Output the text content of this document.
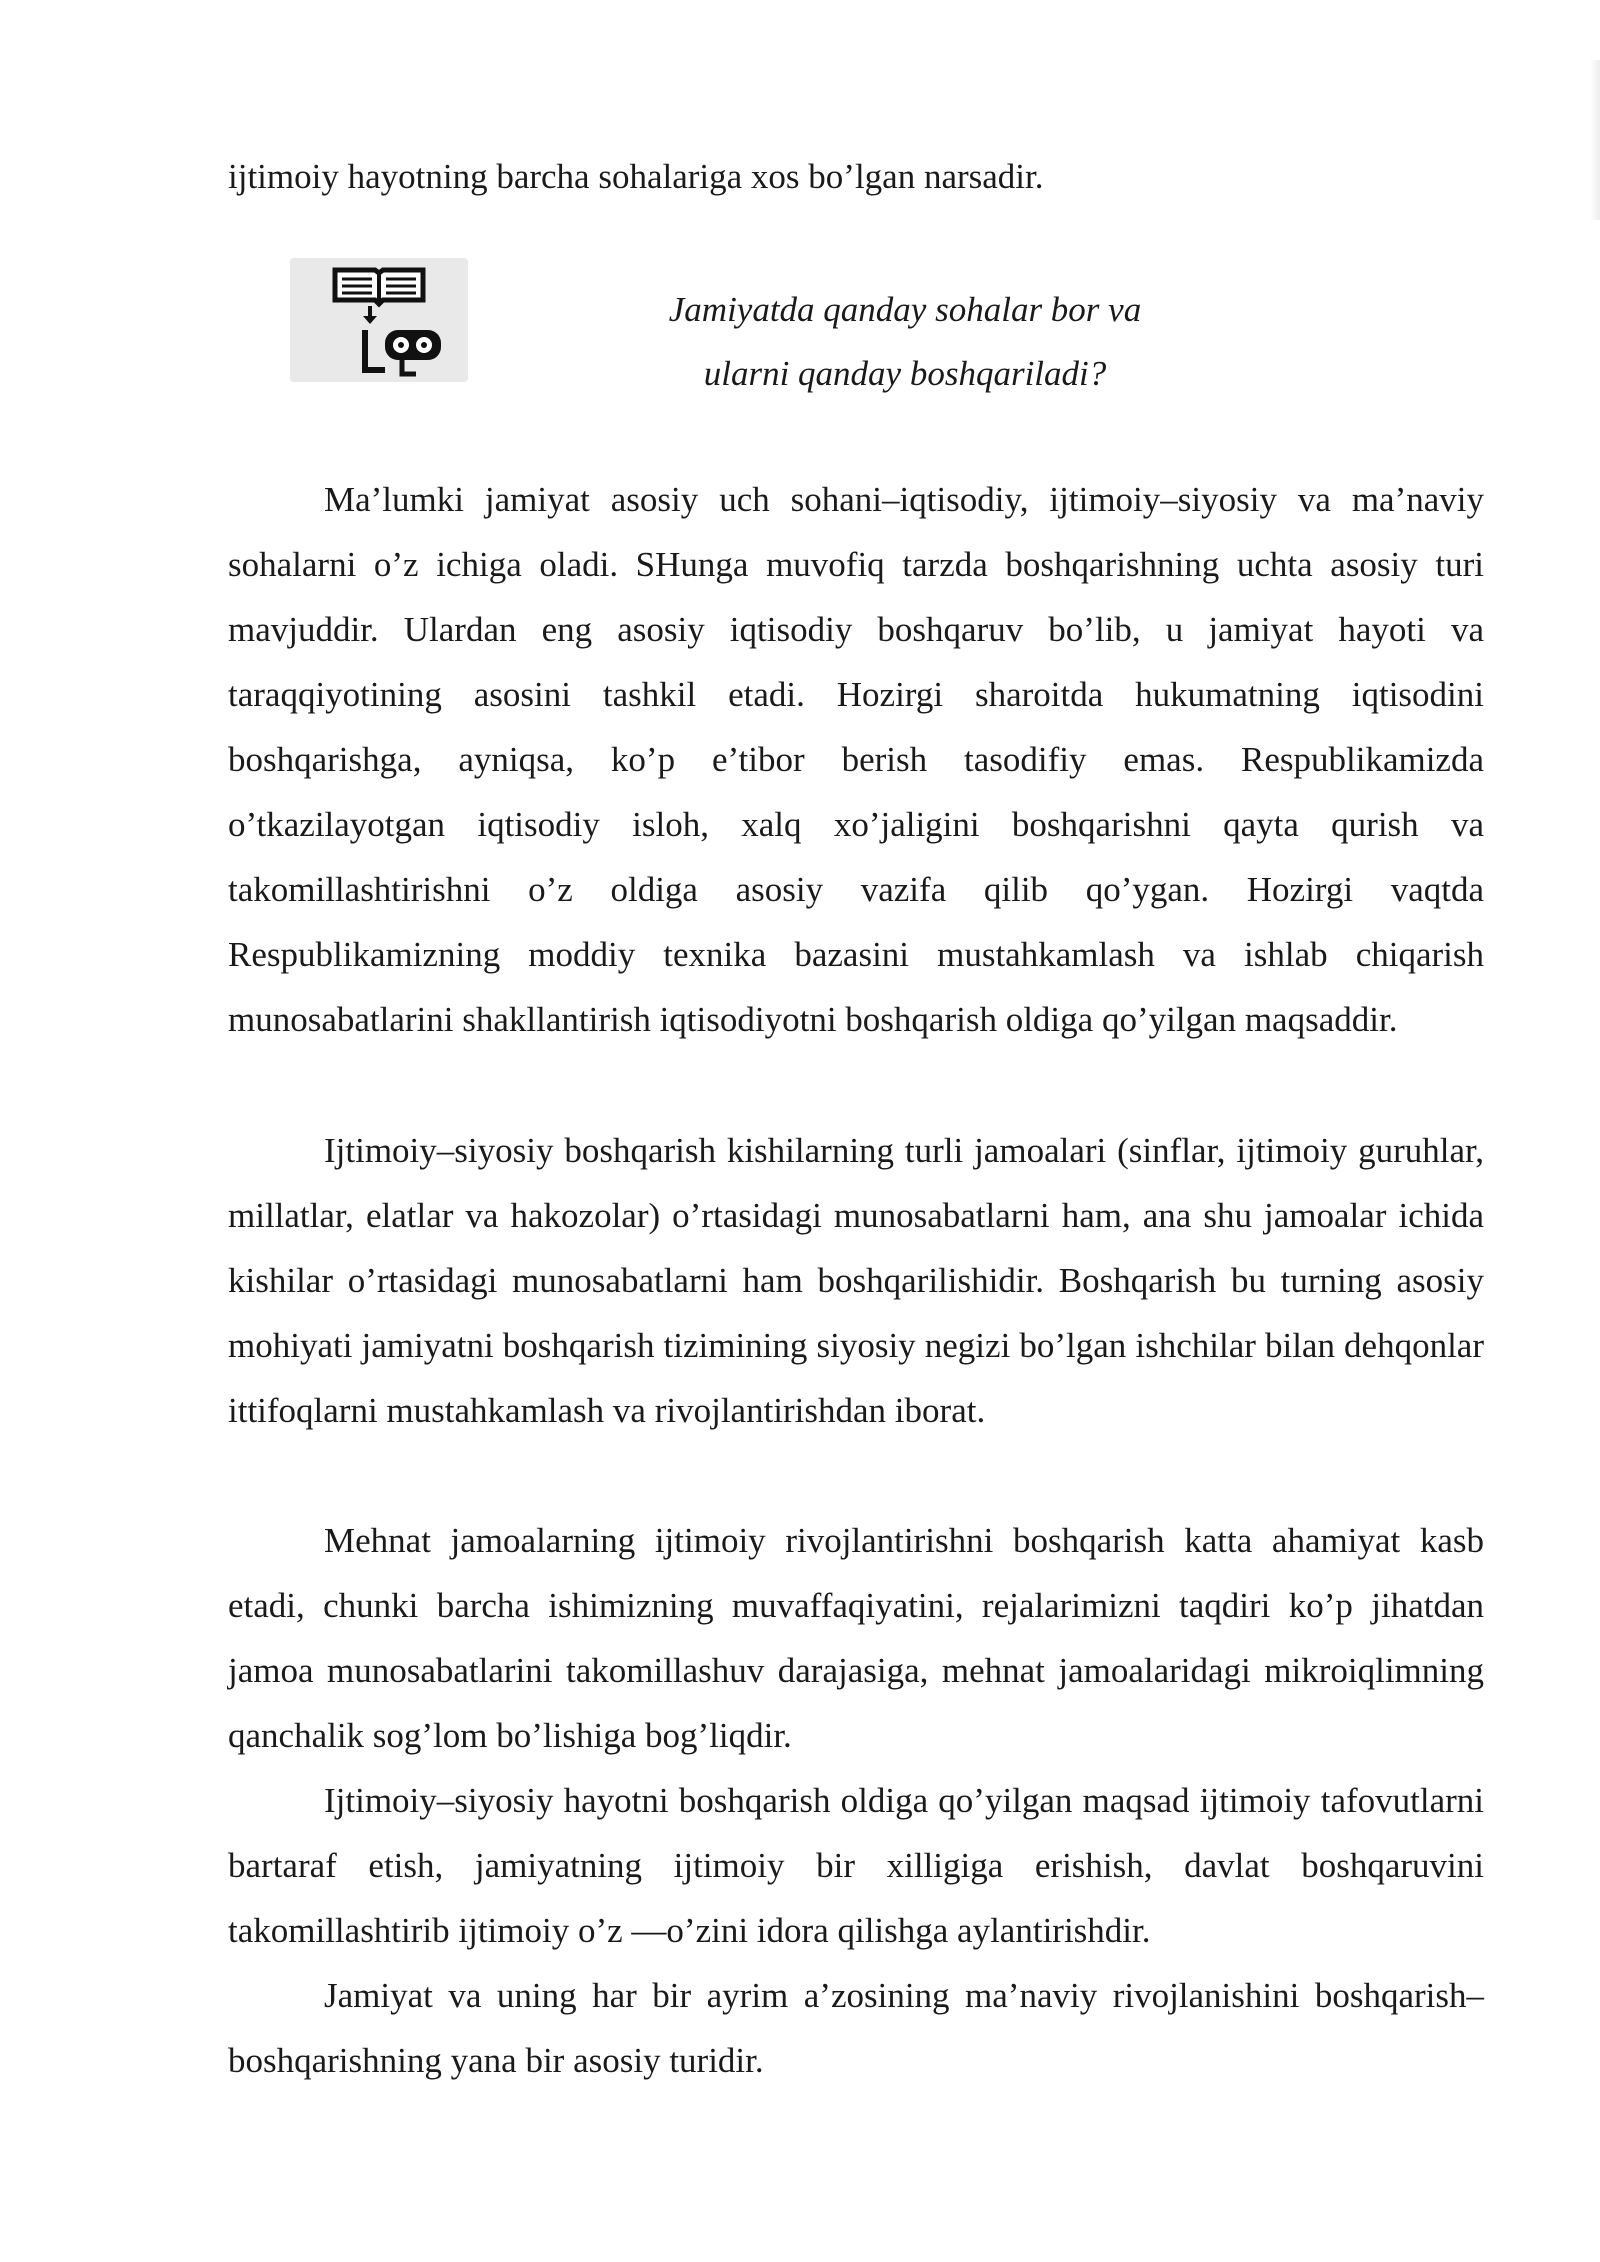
ijtimoiy hayotning barcha sohalariga xos bo’lgan narsadir.

Jamiyatda qanday sohalar bor va
ularni qanday boshqariladi?

Ma’lumki jamiyat asosiy uch sohani–iqtisodiy, ijtimoiy–siyosiy va ma’naviy sohalarni o’z ichiga oladi. SHunga muvofiq tarzda boshqarishning uchta asosiy turi mavjuddir. Ulardan eng asosiy iqtisodiy boshqaruv bo’lib, u jamiyat hayoti va taraqqiyotining asosini tashkil etadi. Hozirgi sharoitda hukumatning iqtisodini boshqarishga, ayniqsa, ko’p e’tibor berish tasodifiy emas. Respublikamizda o’tkazilayotgan iqtisodiy isloh, xalq xo’jaligini boshqarishni qayta qurish va takomillashtirishni o’z oldiga asosiy vazifa qilib qo’ygan. Hozirgi vaqtda Respublikamizning moddiy texnika bazasini mustahkamlash va ishlab chiqarish munosabatlarini shakllantirish iqtisodiyotni boshqarish oldiga qo’yilgan maqsaddir.

Ijtimoiy–siyosiy boshqarish kishilarning turli jamoalari (sinflar, ijtimoiy guruhlar, millatlar, elatlar va hakozolar) o’rtasidagi munosabatlarni ham, ana shu jamoalar ichida kishilar o’rtasidagi munosabatlarni ham boshqarilishidir. Boshqarish bu turning asosiy mohiyati jamiyatni boshqarish tizimining siyosiy negizi bo’lgan ishchilar bilan dehqonlar ittifoqlarni mustahkamlash va rivojlantirishdan iborat.

Mehnat jamoalarning ijtimoiy rivojlantirishni boshqarish katta ahamiyat kasb etadi, chunki barcha ishimizning muvaffaqiyatini, rejalarimizni taqdiri ko’p jihatdan jamoa munosabatlarini takomillashuv darajasiga, mehnat jamoalaridagi mikroiqlimning qanchalik sog’lom bo’lishiga bog’liqdir.

Ijtimoiy–siyosiy hayotni boshqarish oldiga qo’yilgan maqsad ijtimoiy tafovutlarni bartaraf etish, jamiyatning ijtimoiy bir xilligiga erishish, davlat boshqaruvini takomillashtirib ijtimoiy o’z —o’zini idora qilishga aylantirishdir.

Jamiyat va uning har bir ayrim a’zosining ma’naviy rivojlanishini boshqarish–boshqarishning yana bir asosiy turidir.
